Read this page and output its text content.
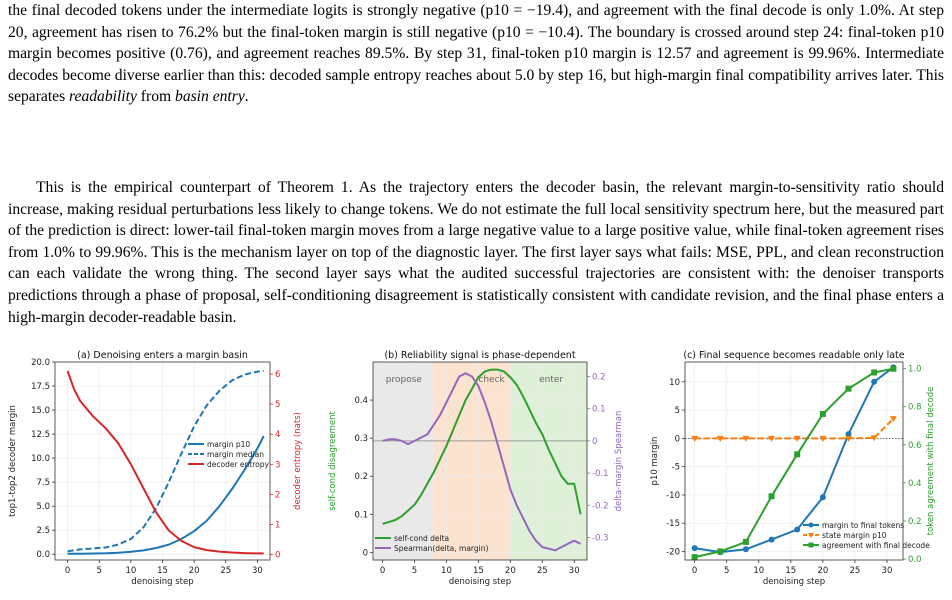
the final decoded tokens under the intermediate logits is strongly negative (p10 = −19.4), and agreement with the final decode is only 1.0%. At step 20, agreement has risen to 76.2% but the final-token margin is still negative (p10 = −10.4). The boundary is crossed around step 24: final-token p10 margin becomes positive (0.76), and agreement reaches 89.5%. By step 31, final-token p10 margin is 12.57 and agreement is 99.96%. Intermediate decodes become diverse earlier than this: decoded sample entropy reaches about 5.0 by step 16, but high-margin final compatibility arrives later. This separates readability from basin entry.
This is the empirical counterpart of Theorem 1. As the trajectory enters the decoder basin, the relevant margin-to-sensitivity ratio should increase, making residual perturbations less likely to change tokens. We do not estimate the full local sensitivity spectrum here, but the measured part of the prediction is direct: lower-tail final-token margin moves from a large negative value to a large positive value, while final-token agreement rises from 1.0% to 99.96%. This is the mechanism layer on top of the diagnostic layer. The first layer says what fails: MSE, PPL, and clean reconstruction can each validate the wrong thing. The second layer says what the audited successful trajectories are consistent with: the denoiser transports predictions through a phase of proposal, self-conditioning disagreement is statistically consistent with candidate revision, and the final phase enters a high-margin decoder-readable basin.
0	5	10 15 20 25 30
0.0
2.5
5.0
7.5
10.0
12.5
15.0
17.5
20.0
0
1
2
3
4
5
6
(a) Denoising enters a margin basin
denoising step
top1-top2 decoder margin	decoder entropy (nats)
margin p10
margin median
decoder entropy
propose	check	enter
0	5	10 15 20 25 30
0
0.1
0.2
0.3
0.4
-0.3
-0.2
-0.1
0
0.1
0.2
(b) Reliability signal is phase-dependent
denoising step
self-cond disagreement	delta-margin Spearman
self-cond delta
Spearman(delta, margin)
0	5	10 15 20 25 30
-20
-15
-10
-5
0
5
10
0.0
0.2
0.4
0.6
0.8
1.0
(c) Final sequence becomes readable only late
denoising step
p10 margin	token agreement with final decode
margin to final tokens
state margin p10
agreement with final decode
